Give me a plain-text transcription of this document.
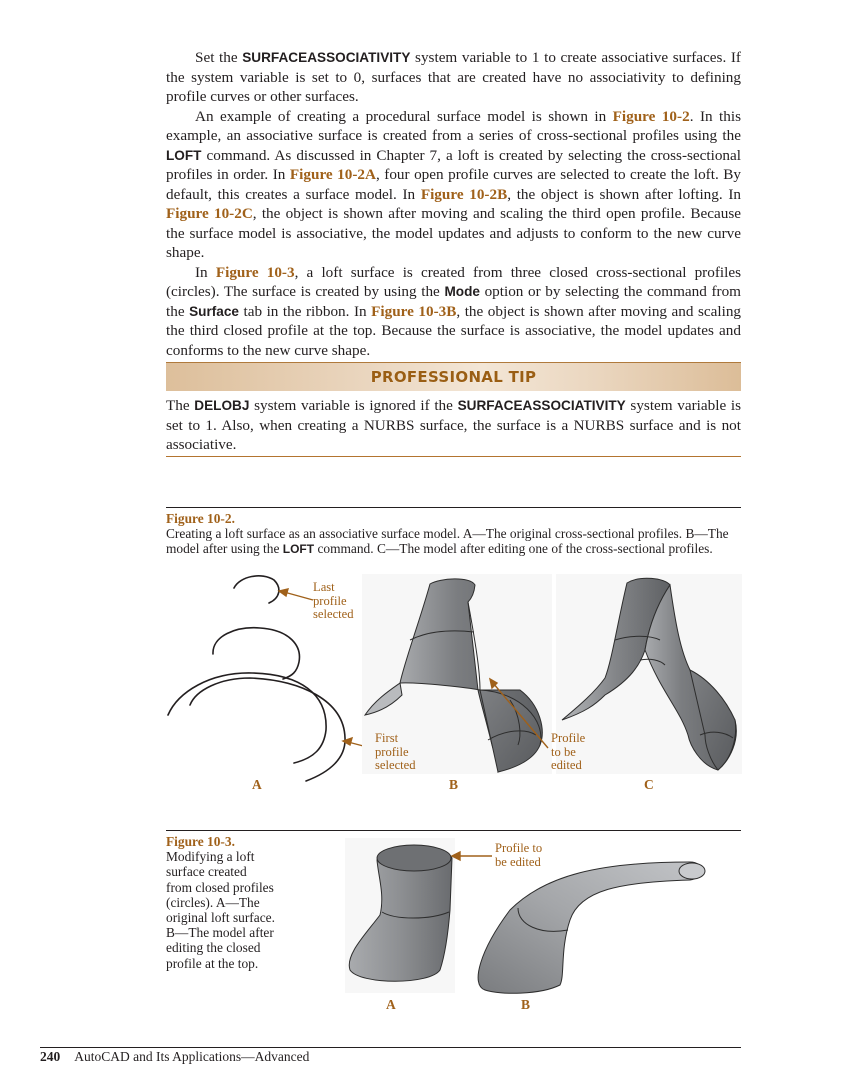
Set the SURFACEASSOCIATIVITY system variable to 1 to create associative surfaces. If the system variable is set to 0, surfaces that are created have no associativity to defining profile curves or other surfaces.

An example of creating a procedural surface model is shown in Figure 10-2. In this example, an associative surface is created from a series of cross-sectional profiles using the LOFT command. As discussed in Chapter 7, a loft is created by selecting the cross-sectional profiles in order. In Figure 10-2A, four open profile curves are selected to create the loft. By default, this creates a surface model. In Figure 10-2B, the object is shown after lofting. In Figure 10-2C, the object is shown after moving and scaling the third open profile. Because the surface model is associative, the model updates and adjusts to conform to the new curve shape.

In Figure 10-3, a loft surface is created from three closed cross-sectional profiles (circles). The surface is created by using the Mode option or by selecting the command from the Surface tab in the ribbon. In Figure 10-3B, the object is shown after moving and scaling the third closed profile at the top. Because the surface is associative, the model updates and conforms to the new curve shape.

PROFESSIONAL TIP

The DELOBJ system variable is ignored if the SURFACEASSOCIATIVITY system variable is set to 1. Also, when creating a NURBS surface, the surface is a NURBS surface and is not associative.

Figure 10-2.
Creating a loft surface as an associative surface model. A—The original cross-sectional profiles. B—The model after using the LOFT command. C—The model after editing one of the cross-sectional profiles.
Last
profile
selected
First
profile
selected
Profile
to be
edited
A	B	C
Figure 10-3.
Modifying a loft
surface created
from closed profiles
(circles). A—The
original loft surface.
B—The model after
editing the closed
profile at the top.
Profile to
be edited
A	B
240 AutoCAD and Its Applications—Advanced
